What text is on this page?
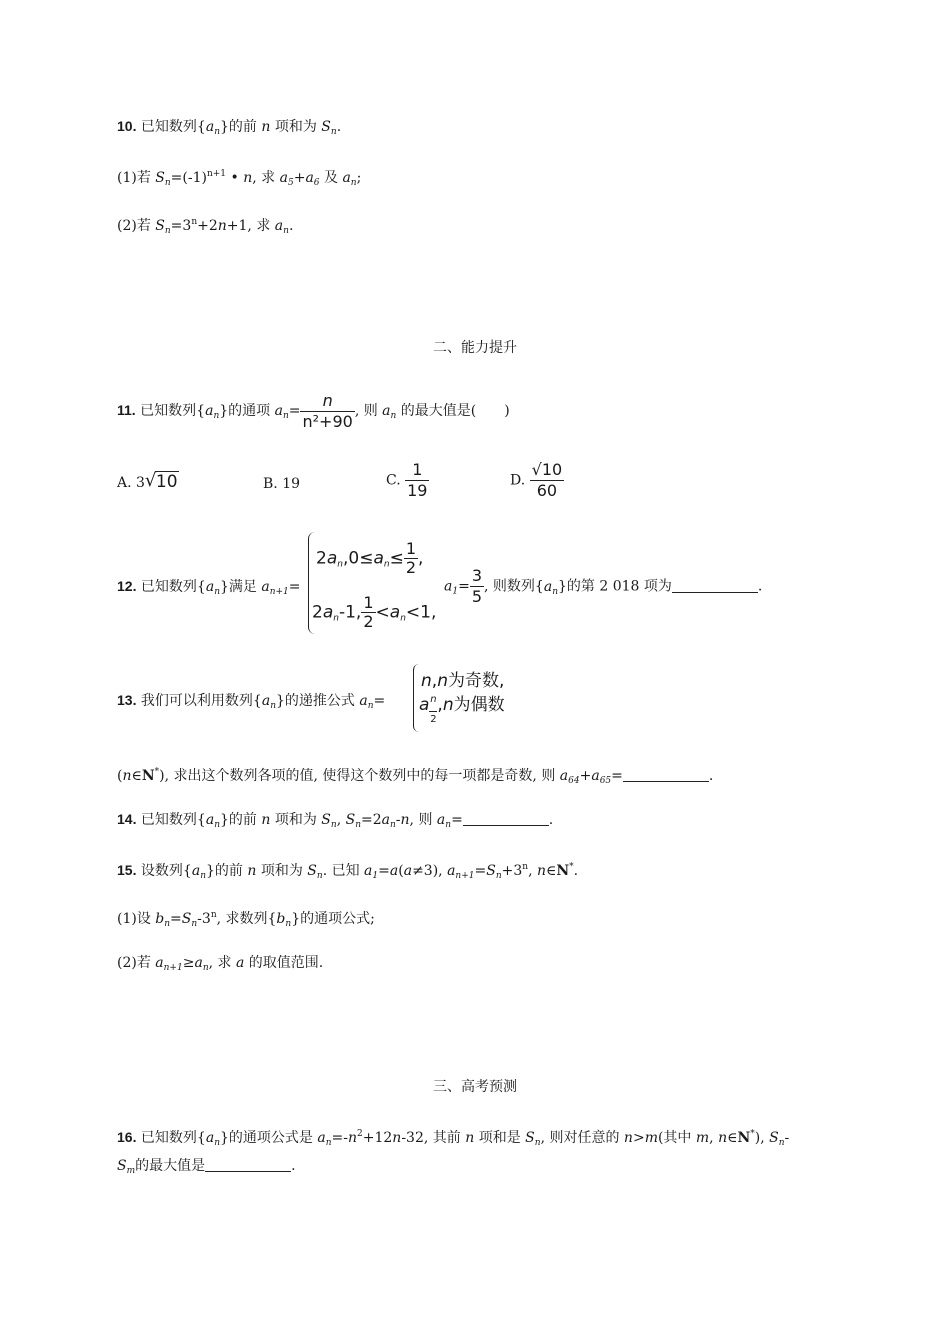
10. 已知数列$\{a_n\}$的前 n 项和为 $S_n$.
(1)若 $S_n=(-1)^{n+1}$ • n, 求 $a_5+a_6$ 及 $a_n$;
(2)若 $S_n=3^n+2n+1$, 求 $a_n$.
二、能力提升
11. 已知数列$\{a_n\}$的通项 $a_n= \frac{n}{\text{n²+90}}$ , 则 $a_n$ 的最大值是(　　)
A. 3 √ 10	B. 19	C. $\frac{1}{19}$	D. $\frac{√10}{60}$
12. 已知数列$\{a_n\}$满足 $a_{n+1}=$
$2a_n,0\le a_n\le \frac{1}{2}$ ,
$2a_n-1$, $\frac{1}{2} <a_n<1$,
$a_1= \frac{3}{5}$ , 则数列$\{a_n\}$的第 2 018 项为	.
13. 我们可以利用数列$\{a_n\}$的递推公式 $a_n=$
n,n为奇数,
an

2,n为偶数
(n∈N*), 求出这个数列各项的值, 使得这个数列中的每一项都是奇数, 则 $a_{64}+a_{65}=$	.
14. 已知数列$\{a_n\}$的前 n 项和为 $S_n$, $S_n=2a_n-n$, 则 $a_n=$	.
15. 设数列$\{a_n\}$的前 n 项和为 $S_n$. 已知 $a_1=a(a\ne 3)$, $a_{n+1}=S_n+3^n$, n∈N*.
(1)设 $b_n=S_n-3^n$, 求数列$\{b_n\}$的通项公式;
(2)若 $a_{n+1}\ge a_n$, 求 a 的取值范围.
三、高考预测
16. 已知数列$\{a_n\}$的通项公式是 $a_n=-n^2+12n-32$, 其前 n 项和是 $S_n$, 则对任意的 n>m(其中 m, n∈N*), $S_n-$
$S_m$的最大值是	.
